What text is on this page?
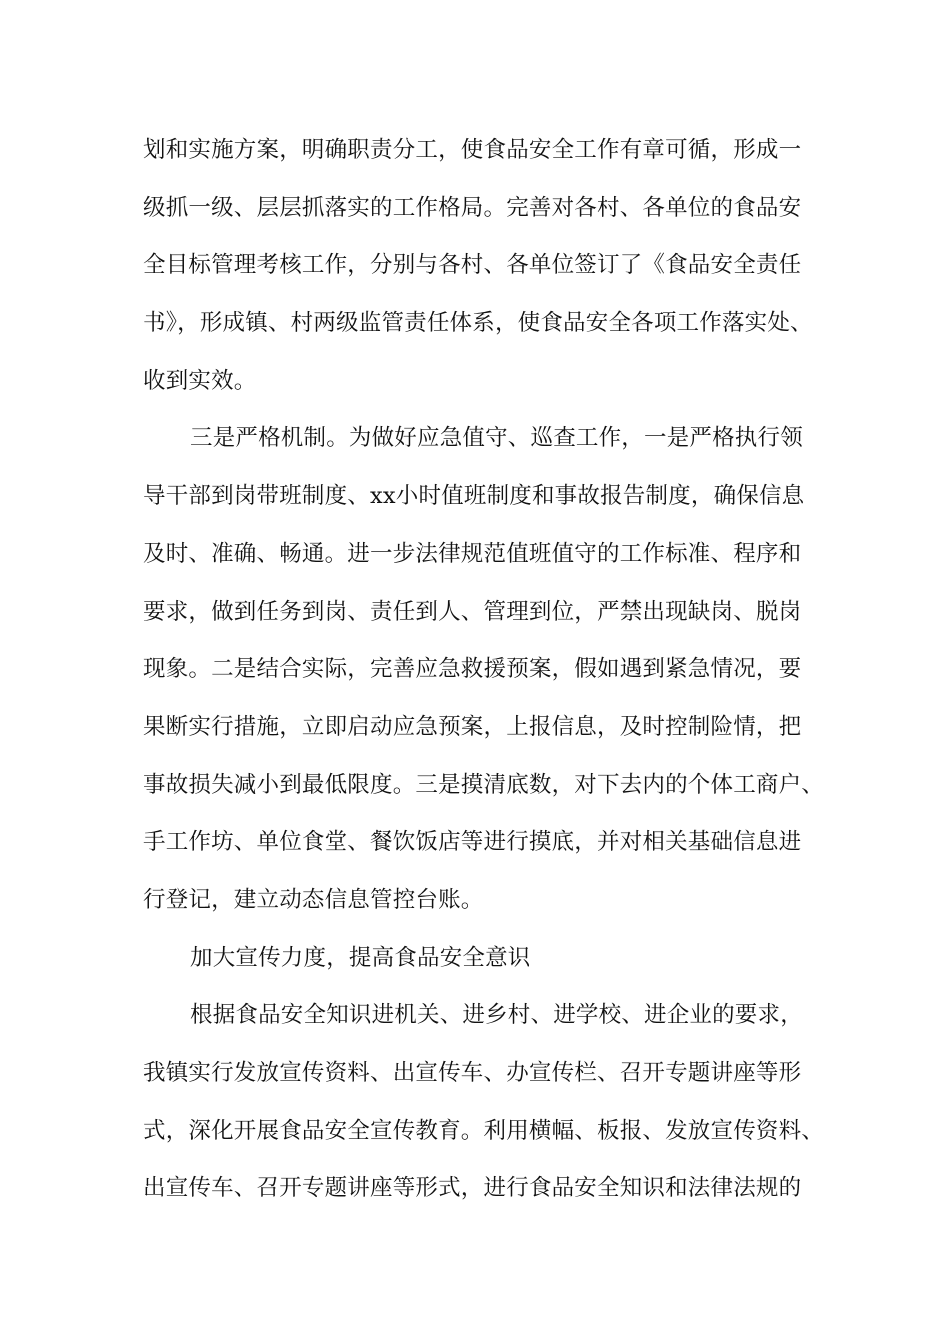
划和实施方案，明确职责分工，使食品安全工作有章可循，形成一
级抓一级、层层抓落实的工作格局。完善对各村、各单位的食品安
全目标管理考核工作，分别与各村、各单位签订了《食品安全责任
书》，形成镇、村两级监管责任体系，使食品安全各项工作落实处、
收到实效。
三是严格机制。为做好应急值守、巡查工作，一是严格执行领
导干部到岗带班制度、xx小时值班制度和事故报告制度，确保信息
及时、准确、畅通。进一步法律规范值班值守的工作标准、程序和
要求，做到任务到岗、责任到人、管理到位，严禁出现缺岗、脱岗
现象。二是结合实际，完善应急救援预案，假如遇到紧急情况，要
果断实行措施，立即启动应急预案，上报信息，及时控制险情，把
事故损失减小到最低限度。三是摸清底数，对下去内的个体工商户、
手工作坊、单位食堂、餐饮饭店等进行摸底，并对相关基础信息进
行登记，建立动态信息管控台账。
加大宣传力度，提高食品安全意识
根据食品安全知识进机关、进乡村、进学校、进企业的要求，
我镇实行发放宣传资料、出宣传车、办宣传栏、召开专题讲座等形
式，深化开展食品安全宣传教育。利用横幅、板报、发放宣传资料、
出宣传车、召开专题讲座等形式，进行食品安全知识和法律法规的
